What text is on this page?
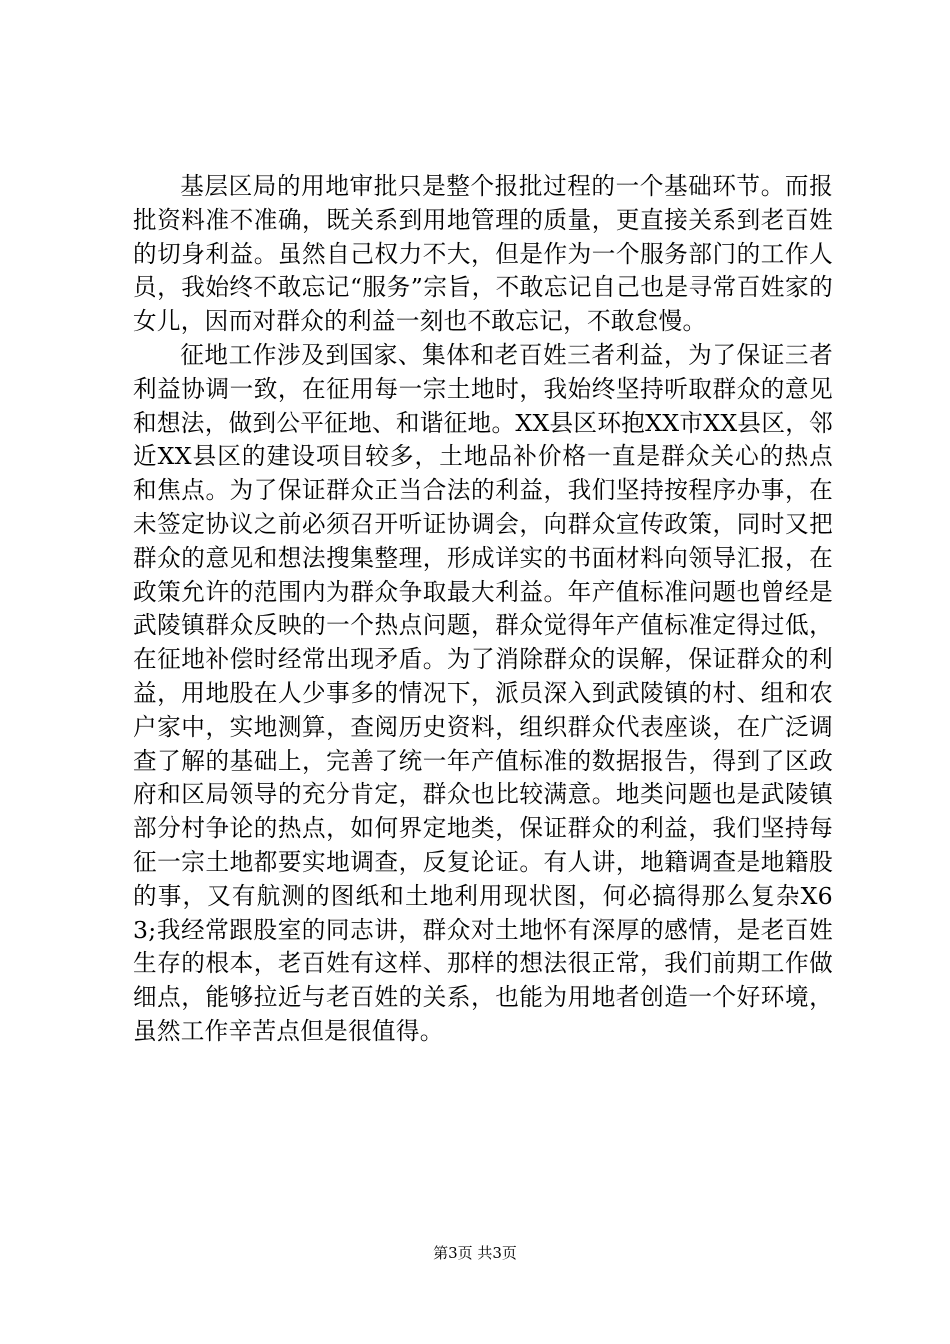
基层区局的用地审批只是整个报批过程的一个基础环节。而报批资料准不准确，既关系到用地管理的质量，更直接关系到老百姓的切身利益。虽然自己权力不大，但是作为一个服务部门的工作人员，我始终不敢忘记“服务”宗旨，不敢忘记自己也是寻常百姓家的女儿，因而对群众的利益一刻也不敢忘记，不敢怠慢。

征地工作涉及到国家、集体和老百姓三者利益，为了保证三者利益协调一致，在征用每一宗土地时，我始终坚持听取群众的意见和想法，做到公平征地、和谐征地。XX县区环抱XX市XX县区，邻近XX县区的建设项目较多，土地品补价格一直是群众关心的热点和焦点。为了保证群众正当合法的利益，我们坚持按程序办事，在未签定协议之前必须召开听证协调会，向群众宣传政策，同时又把群众的意见和想法搜集整理，形成详实的书面材料向领导汇报，在政策允许的范围内为群众争取最大利益。年产值标准问题也曾经是武陵镇群众反映的一个热点问题，群众觉得年产值标准定得过低，在征地补偿时经常出现矛盾。为了消除群众的误解，保证群众的利益，用地股在人少事多的情况下，派员深入到武陵镇的村、组和农户家中，实地测算，查阅历史资料，组织群众代表座谈，在广泛调查了解的基础上，完善了统一年产值标准的数据报告，得到了区政府和区局领导的充分肯定，群众也比较满意。地类问题也是武陵镇部分村争论的热点，如何界定地类，保证群众的利益，我们坚持每征一宗土地都要实地调查，反复论证。有人讲，地籍调查是地籍股的事，又有航测的图纸和土地利用现状图，何必搞得那么复杂X63;我经常跟股室的同志讲，群众对土地怀有深厚的感情，是老百姓生存的根本，老百姓有这样、那样的想法很正常，我们前期工作做细点，能够拉近与老百姓的关系，也能为用地者创造一个好环境，虽然工作辛苦点但是很值得。

第3页 共3页
